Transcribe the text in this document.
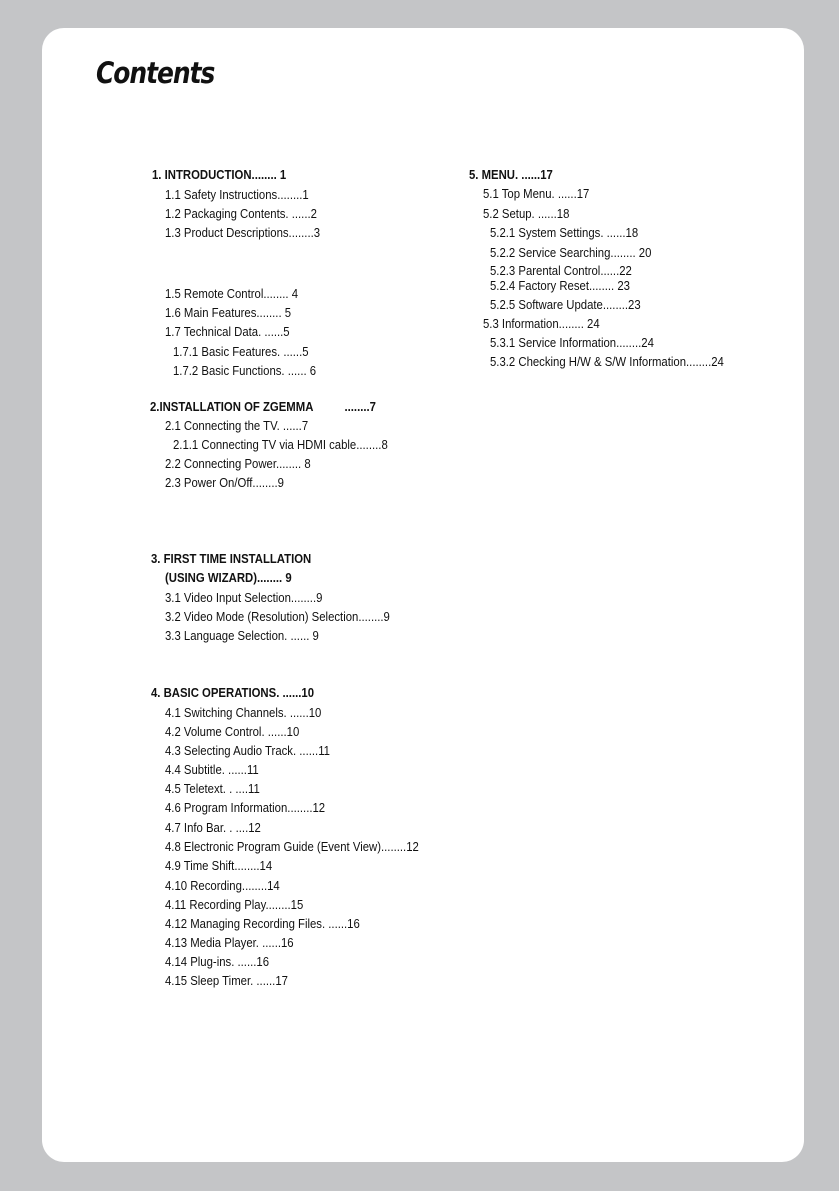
Contents
1. INTRODUCTION........ 1
1.1 Safety Instructions........1
1.2 Packaging Contents. ......2
1.3 Product Descriptions........3
1.5 Remote Control........ 4
1.6 Main Features........ 5
1.7 Technical Data. ......5
1.7.1 Basic Features. ......5
1.7.2 Basic Functions. ...... 6
2.INSTALLATION OF ZGEMMA          ........7
2.1 Connecting the TV. ......7
2.1.1 Connecting TV via HDMI cable........8
2.2 Connecting Power........ 8
2.3 Power On/Off........9
3. FIRST TIME INSTALLATION
(USING WIZARD)........ 9
3.1 Video Input Selection........9
3.2 Video Mode (Resolution) Selection........9
3.3 Language Selection. ...... 9
4. BASIC OPERATIONS. ......10
4.1 Switching Channels. ......10
4.2 Volume Control. ......10
4.3 Selecting Audio Track. ......11
4.4 Subtitle. ......11
4.5 Teletext. . ....11
4.6 Program Information........12
4.7 Info Bar. . ....12
4.8 Electronic Program Guide (Event View)........12
4.9 Time Shift........14
4.10 Recording........14
4.11 Recording Play........15
4.12 Managing Recording Files. ......16
4.13 Media Player. ......16
4.14 Plug-ins. ......16
4.15 Sleep Timer. ......17
5. MENU. ......17
5.1 Top Menu. ......17
5.2 Setup. ......18
5.2.1 System Settings. ......18
5.2.2 Service Searching........ 20
5.2.3 Parental Control......22
5.2.4 Factory Reset........ 23
5.2.5 Software Update........23
5.3 Information........ 24
5.3.1 Service Information........24
5.3.2 Checking H/W & S/W Information........24
